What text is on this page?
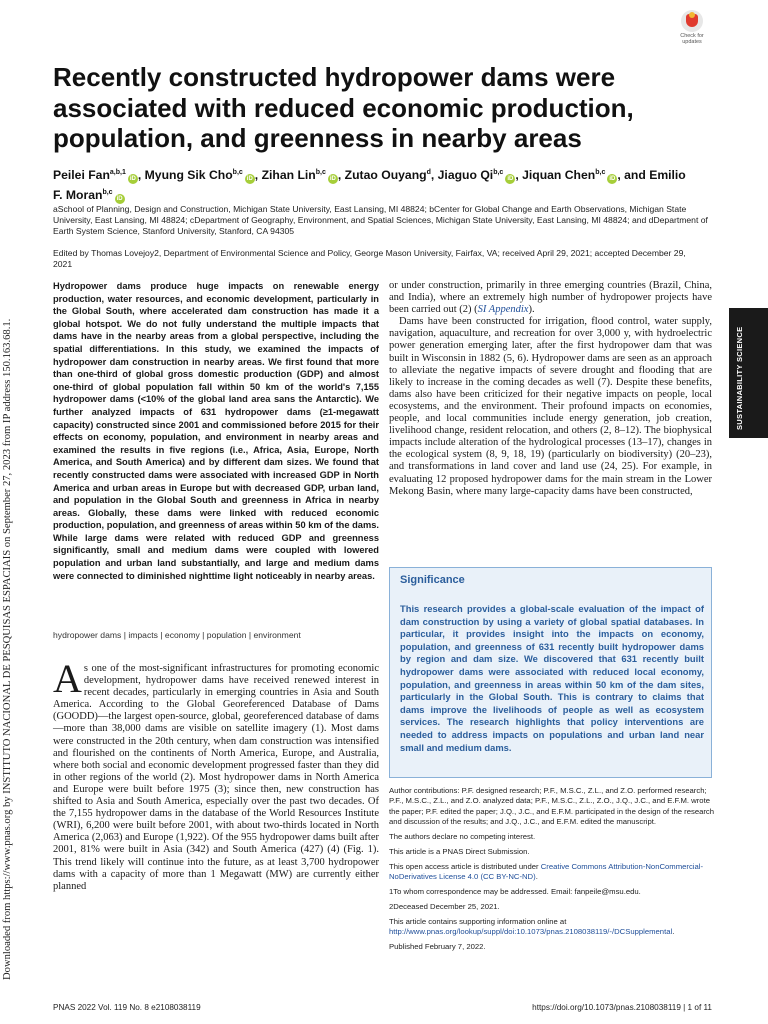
Downloaded from https://www.pnas.org by INSTITUTO NACIONAL DE PESQUISAS ESPACIAIS on September 27, 2023 from IP address 150.163.68.1.
Check for updates
Recently constructed hydropower dams were associated with reduced economic production, population, and greenness in nearby areas
Peilei Fan$^{a,b,1}$ iD , Myung Sik Cho$^{b,c}$ iD , Zihan Lin$^{b,c}$ iD , Zutao Ouyang$^d$, Jiaguo Qi$^{b,c}$ iD , Jiquan Chen$^{b,c}$ iD , and Emilio F. Moran$^{b,c}$iD
aSchool of Planning, Design and Construction, Michigan State University, East Lansing, MI 48824; bCenter for Global Change and Earth Observations, Michigan State University, East Lansing, MI 48824; cDepartment of Geography, Environment, and Spatial Sciences, Michigan State University, East Lansing, MI 48824; and dDepartment of Earth System Science, Stanford University, Stanford, CA 94305
Edited by Thomas Lovejoy2, Department of Environmental Science and Policy, George Mason University, Fairfax, VA; received April 29, 2021; accepted December 29, 2021
Hydropower dams produce huge impacts on renewable energy production, water resources, and economic development, particularly in the Global South, where accelerated dam construction has made it a global hotspot. We do not fully understand the multiple impacts that dams have in the nearby areas from a global perspective, including the spatial differentiations. In this study, we examined the impacts of hydropower dam construction in nearby areas. We first found that more than one-third of global gross domestic production (GDP) and almost one-third of global population fall within 50 km of the world's 7,155 hydropower dams (<10% of the global land area sans the Antarctic). We further analyzed impacts of 631 hydropower dams (≥1-megawatt capacity) constructed since 2001 and commissioned before 2015 for their effects on economy, population, and environment in nearby areas and examined the results in five regions (i.e., Africa, Asia, Europe, North America, and South America) and by different dam sizes. We found that recently constructed dams were associated with increased GDP in North America and urban areas in Europe but with decreased GDP, urban land, and population in the Global South and greenness in Africa in nearby areas. Globally, these dams were linked with reduced economic production, population, and greenness of areas within 50 km of the dams. While large dams were related with reduced GDP and greenness significantly, small and medium dams were coupled with lowered population and urban land substantially, and large and medium dams were connected to diminished nighttime light noticeably in nearby areas.
hydropower dams | impacts | economy | population | environment
As one of the most-significant infrastructures for promoting economic development, hydropower dams have received renewed interest in recent decades, particularly in emerging countries in Asia and South America. According to the Global Georeferenced Database of Dams (GOODD)—the largest open-source, global, georeferenced database of dams—more than 38,000 dams are visible on satellite imagery (1). Most dams were constructed in the 20th century, when dam construction was intensified and flourished on the continents of North America, Europe, and Australia, where both social and economic development progressed faster than they did in other regions of the world (2). Most hydropower dams in North America and Europe were built before 1975 (3); since then, new construction has shifted to Asia and South America, especially over the past two decades. Of the 7,155 hydropower dams in the database of the World Resources Institute (WRI), 6,200 were built before 2001, with about two-thirds located in North America (2,063) and Europe (1,922). Of the 955 hydropower dams built after 2001, 81% were built in Asia (342) and South America (427) (4) (Fig. 1). This trend likely will continue into the future, as at least 3,700 hydropower dams with a capacity of more than 1 Megawatt (MW) are currently either planned

or under construction, primarily in three emerging countries (Brazil, China, and India), where an extremely high number of hydropower projects have been carried out (2) (SI Appendix).

Dams have been constructed for irrigation, flood control, water supply, navigation, aquaculture, and recreation for over 3,000 y, with hydroelectric power generation emerging later, after the first hydropower dam that was built in Wisconsin in 1882 (5, 6). Hydropower dams are seen as an approach to alleviate the negative impacts of severe drought and flooding that are likely to increase in the coming decades as well (7). Despite these benefits, dams also have been criticized for their negative impacts on people, local ecosystems, and the environment. Their profound impacts on economies, people, and local communities include energy generation, job creation, livelihood change, resident relocation, and others (2, 8–12). The biophysical impacts include alteration of the hydrological processes (13–17), changes in the ecological system (8, 9, 18, 19) (particularly on biodiversity) (20–23), and transformations in land cover and land use (24, 25). For example, in evaluating 12 proposed hydropower dams for the main stream in the Lower Mekong Basin, where many large-capacity dams have been constructed,

SUSTAINABILITY SCIENCE
Significance
This research provides a global-scale evaluation of the impact of dam construction by using a variety of global spatial databases. In particular, it provides insight into the impacts on economy, population, and greenness of 631 recently built hydropower dams by region and dam size. We discovered that 631 recently built hydropower dams were associated with reduced local economy, population, and greenness in areas within 50 km of the dam sites, particularly in the Global South. This is contrary to claims that dams improve the livelihoods of people as well as ecosystem services. The research highlights that policy interventions are needed to address impacts on populations and urban land near small and medium dams.

Author contributions: P.F. designed research; P.F., M.S.C., Z.L., and Z.O. performed research; P.F., M.S.C., Z.L., and Z.O. analyzed data; P.F., M.S.C., Z.L., Z.O., J.Q., J.C., and E.F.M. wrote the paper; P.F. edited the paper; J.Q., J.C., and E.F.M. participated in the design of the research and discussion of the results; and J.Q., J.C., and E.F.M. edited the manuscript.

The authors declare no competing interest.

This article is a PNAS Direct Submission.

This open access article is distributed under Creative Commons Attribution-NonCommercial-NoDerivatives License 4.0 (CC BY-NC-ND).

1To whom correspondence may be addressed. Email: fanpeile@msu.edu.

2Deceased December 25, 2021.

This article contains supporting information online at http://www.pnas.org/lookup/suppl/doi:10.1073/pnas.2108038119/-/DCSupplemental.

Published February 7, 2022.

PNAS 2022 Vol. 119 No. 8 e2108038119	https://doi.org/10.1073/pnas.2108038119 | 1 of 11
